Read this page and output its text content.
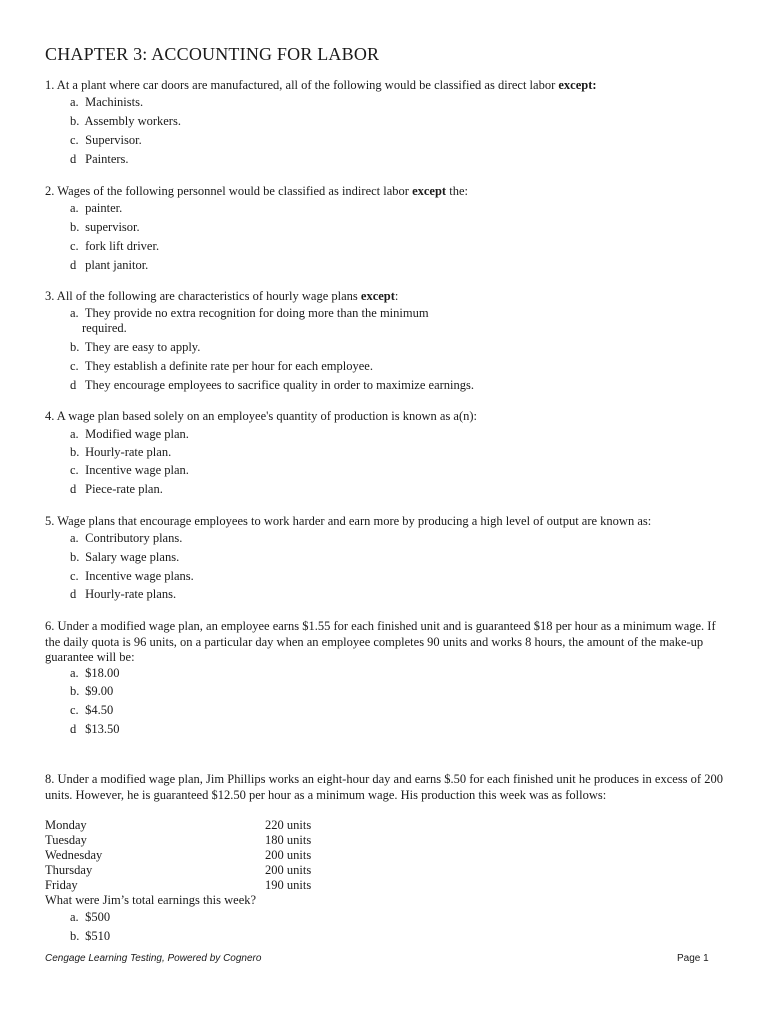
CHAPTER 3: ACCOUNTING FOR LABOR
1. At a plant where car doors are manufactured, all of the following would be classified as direct labor except:
a. Machinists.
b. Assembly workers.
c. Supervisor.
d Painters.
2. Wages of the following personnel would be classified as indirect labor except the:
a. painter.
b. supervisor.
c. fork lift driver.
d plant janitor.
3. All of the following are characteristics of hourly wage plans except:
a. They provide no extra recognition for doing more than the minimum
required.
b. They are easy to apply.
c. They establish a definite rate per hour for each employee.
d They encourage employees to sacrifice quality in order to maximize earnings.
4. A wage plan based solely on an employee's quantity of production is known as a(n):
a. Modified wage plan.
b. Hourly-rate plan.
c. Incentive wage plan.
d Piece-rate plan.
5. Wage plans that encourage employees to work harder and earn more by producing a high level of output are known as:
a. Contributory plans.
b. Salary wage plans.
c. Incentive wage plans.
d Hourly-rate plans.
6. Under a modified wage plan, an employee earns $1.55 for each finished unit and is guaranteed $18 per hour as a minimum wage. If the daily quota is 96 units, on a particular day when an employee completes 90 units and works 8 hours, the amount of the make-up guarantee will be:
a. $18.00
b. $9.00
c. $4.50
d $13.50
8. Under a modified wage plan, Jim Phillips works an eight-hour day and earns $.50 for each finished unit he produces in excess of 200 units. However, he is guaranteed $12.50 per hour as a minimum wage. His production this week was as follows:
Monday	220 units
Tuesday	180 units
Wednesday	200 units
Thursday	200 units
Friday	190 units
What were Jim’s total earnings this week?
a. $500
b. $510
Cengage Learning Testing, Powered by Cognero	Page 1
